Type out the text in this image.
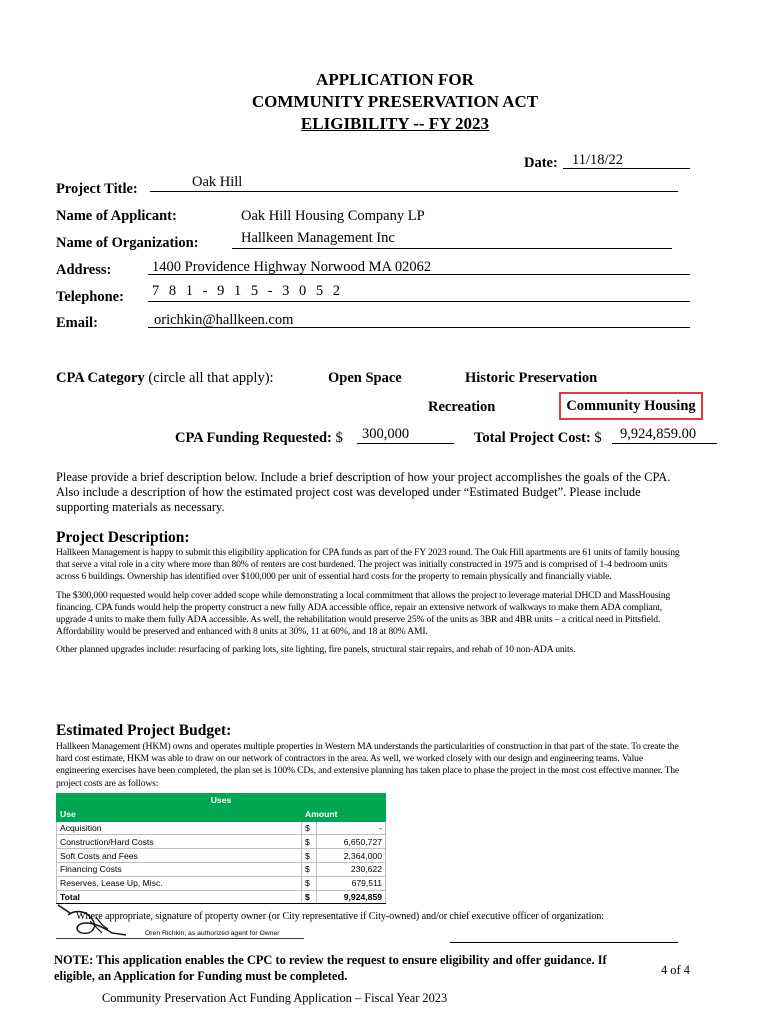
APPLICATION FOR
COMMUNITY PRESERVATION ACT
ELIGIBILITY -- FY 2023
Date: 11/18/22
Project Title:	Oak Hill
Name of Applicant:	Oak Hill Housing Company LP
Name of Organization:	Hallkeen Management Inc
Address:	1400 Providence Highway Norwood MA 02062
Telephone: 7 8 1 - 9 1 5 - 3 0 5 2
Email:	orichkin@hallkeen.com
CPA Category (circle all that apply):	Open Space	Historic Preservation
Recreation	Community Housing
CPA Funding Requested: $ 300,000	Total Project Cost: $ 9,924,859.00
Please provide a brief description below. Include a brief description of how your project accomplishes the goals of the CPA. Also include a description of how the estimated project cost was developed under “Estimated Budget”. Please include supporting materials as necessary.
Project Description:

Hallkeen Management is happy to submit this eligibility application for CPA funds as part of the FY 2023 round. The Oak Hill apartments are 61 units of family housing that serve a vital role in a city where more than 80% of renters are cost burdened. The project was initially constructed in 1975 and is comprised of 1-4 bedroom units across 6 buildings. Ownership has identified over $100,000 per unit of essential hard costs for the property to remain physically and financially viable.

The $300,000 requested would help cover added scope while demonstrating a local commitment that allows the project to leverage material DHCD and MassHousing financing. CPA funds would help the property construct a new fully ADA accessible office, repair an extensive network of walkways to make them ADA compliant, upgrade 4 units to make them fully ADA accessible. As well, the rehabilitation would preserve 25% of the units as 3BR and 4BR units – a critical need in Pittsfield. Affordability would be preserved and enhanced with 8 units at 30%, 11 at 60%, and 18 at 80% AMI.

Other planned upgrades include: resurfacing of parking lots, site lighting, fire panels, structural stair repairs, and rehab of 10 non-ADA units.

Estimated Project Budget:
Hallkeen Management (HKM) owns and operates multiple properties in Western MA understands the particularities of construction in that part of the state. To create the hard cost estimate, HKM was able to draw on our network of contractors in the area. As well, we worked closely with our design and engineering teams. Value engineering exercises have been completed, the plan set is 100% CDs, and extensive planning has taken place to phase the project in the most cost effective manner. The project costs are as follows:
Uses		
Use	Amount	
Acquisition	$	-
Construction/Hard Costs	$	6,650,727
Soft Costs and Fees	$	2,364,000
Financing Costs	$	230,622
Reserves, Lease Up, Misc.	$	679,511
Total	$	9,924,859
Where appropriate, signature of property owner (or City representative if City-owned) and/or chief executive officer of organization:
Oren Richkin; as authorized agent for Owner
NOTE: This application enables the CPC to review the request to ensure eligibility and offer guidance. If eligible, an Application for Funding must be completed.	4 of 4
Community Preservation Act Funding Application – Fiscal Year 2023
